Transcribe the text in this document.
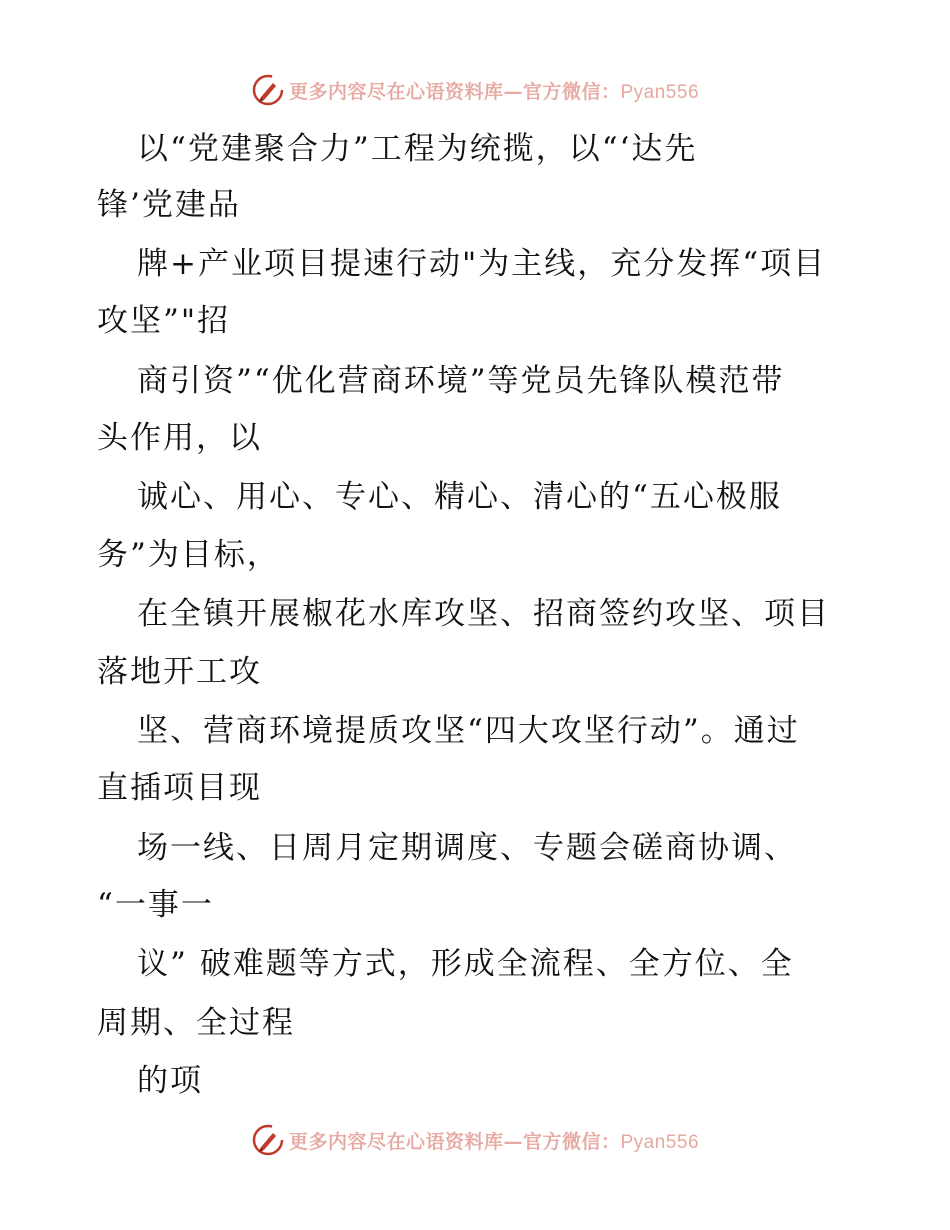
更多内容尽在心语资料库—官方微信：Pyan556
以“党建聚合力”工程为统揽，以“‘达先
锋’党建品
牌+产业项目提速行动"为主线，充分发挥“项目
攻坚”"招
商引资”“优化营商环境”等党员先锋队模范带
头作用，以
诚心、用心、专心、精心、清心的“五心极服
务”为目标，
在全镇开展椒花水库攻坚、招商签约攻坚、项目
落地开工攻
坚、营商环境提质攻坚“四大攻坚行动”。通过
直插项目现
场一线、日周月定期调度、专题会磋商协调、
“一事一
议” 破难题等方式，形成全流程、全方位、全
周期、全过程
的项
更多内容尽在心语资料库—官方微信：Pyan556
